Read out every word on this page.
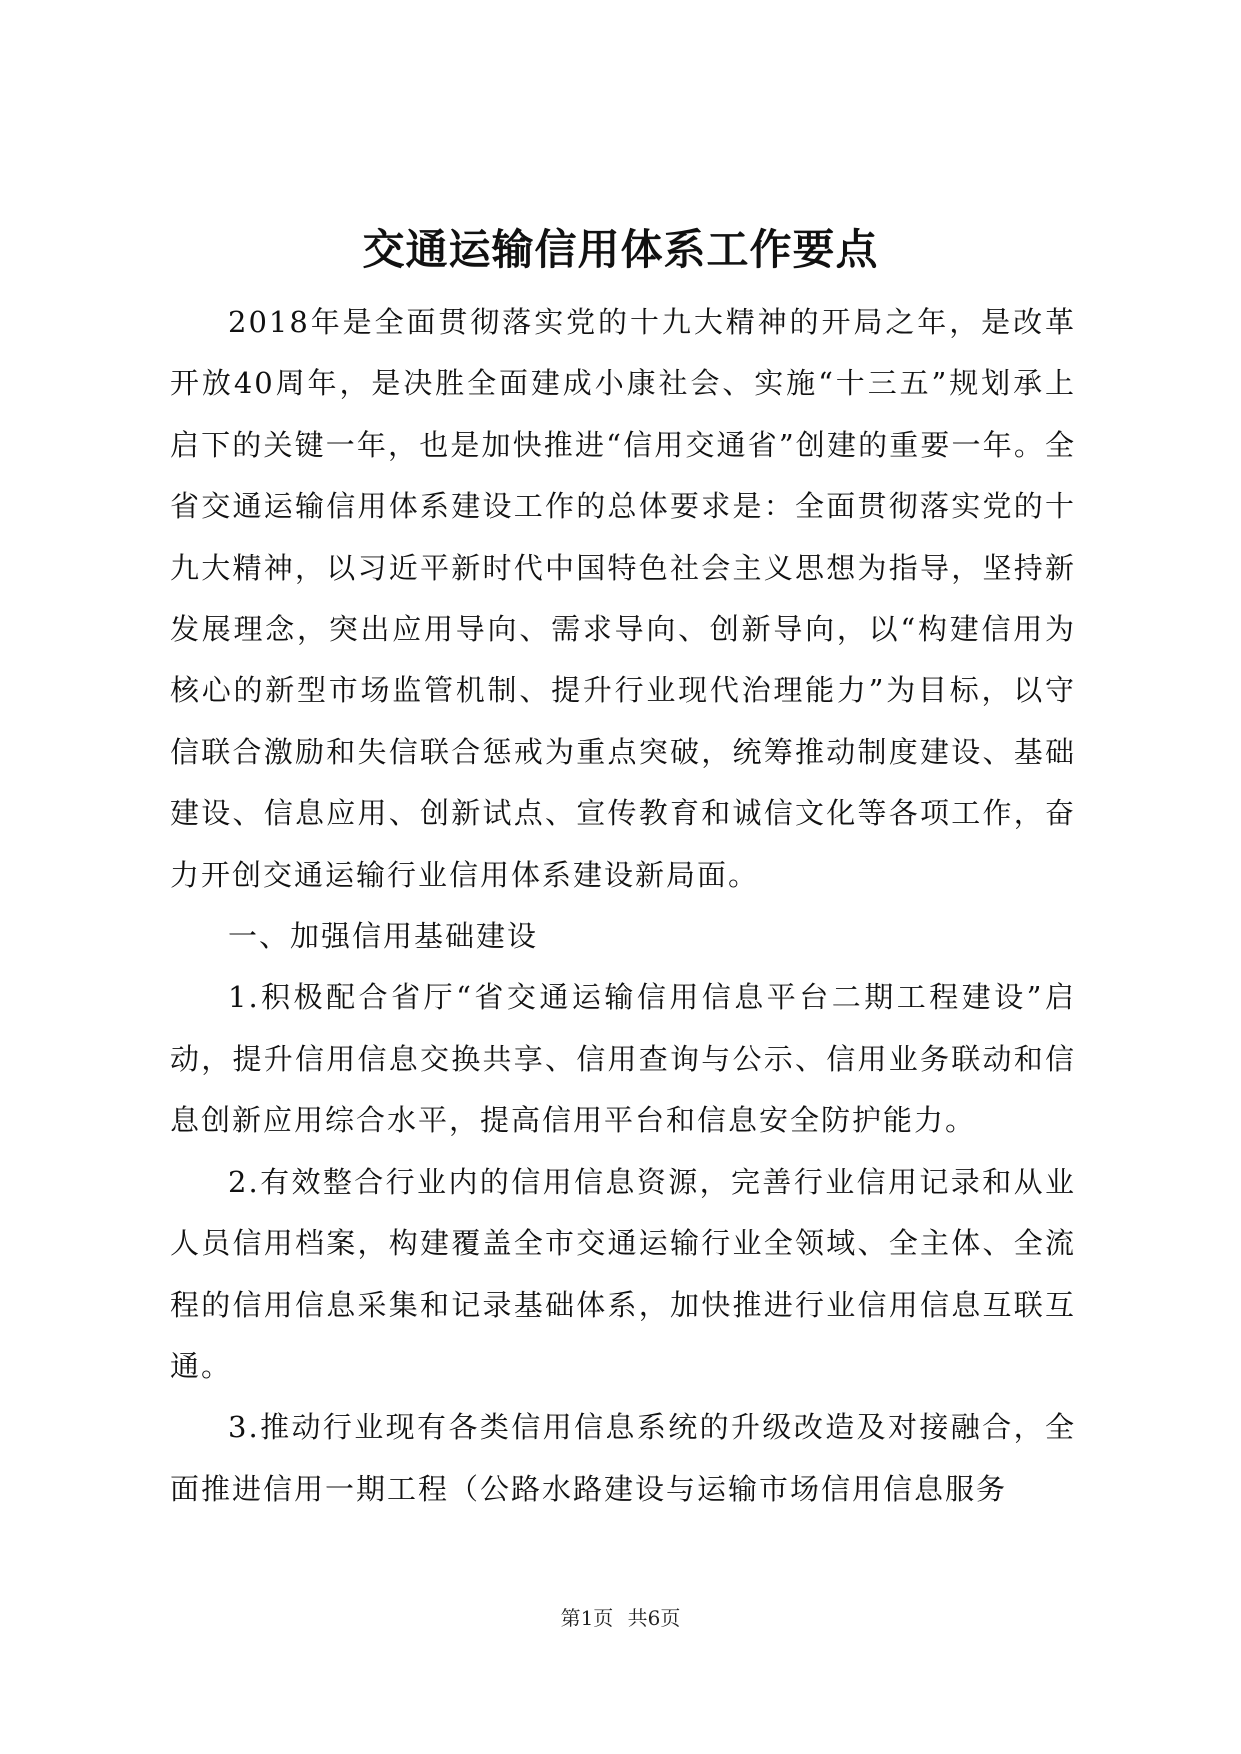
交通运输信用体系工作要点

2018年是全面贯彻落实党的十九大精神的开局之年，是改革开放40周年，是决胜全面建成小康社会、实施“十三五”规划承上启下的关键一年，也是加快推进“信用交通省”创建的重要一年。全省交通运输信用体系建设工作的总体要求是：全面贯彻落实党的十九大精神，以习近平新时代中国特色社会主义思想为指导，坚持新发展理念，突出应用导向、需求导向、创新导向，以“构建信用为核心的新型市场监管机制、提升行业现代治理能力”为目标，以守信联合激励和失信联合惩戒为重点突破，统筹推动制度建设、基础建设、信息应用、创新试点、宣传教育和诚信文化等各项工作，奋力开创交通运输行业信用体系建设新局面。

一、加强信用基础建设

1.积极配合省厅“省交通运输信用信息平台二期工程建设”启动，提升信用信息交换共享、信用查询与公示、信用业务联动和信息创新应用综合水平，提高信用平台和信息安全防护能力。

2.有效整合行业内的信用信息资源，完善行业信用记录和从业人员信用档案，构建覆盖全市交通运输行业全领域、全主体、全流程的信用信息采集和记录基础体系，加快推进行业信用信息互联互通。

3.推动行业现有各类信用信息系统的升级改造及对接融合，全面推进信用一期工程（公路水路建设与运输市场信用信息服务

第1页 共6页
